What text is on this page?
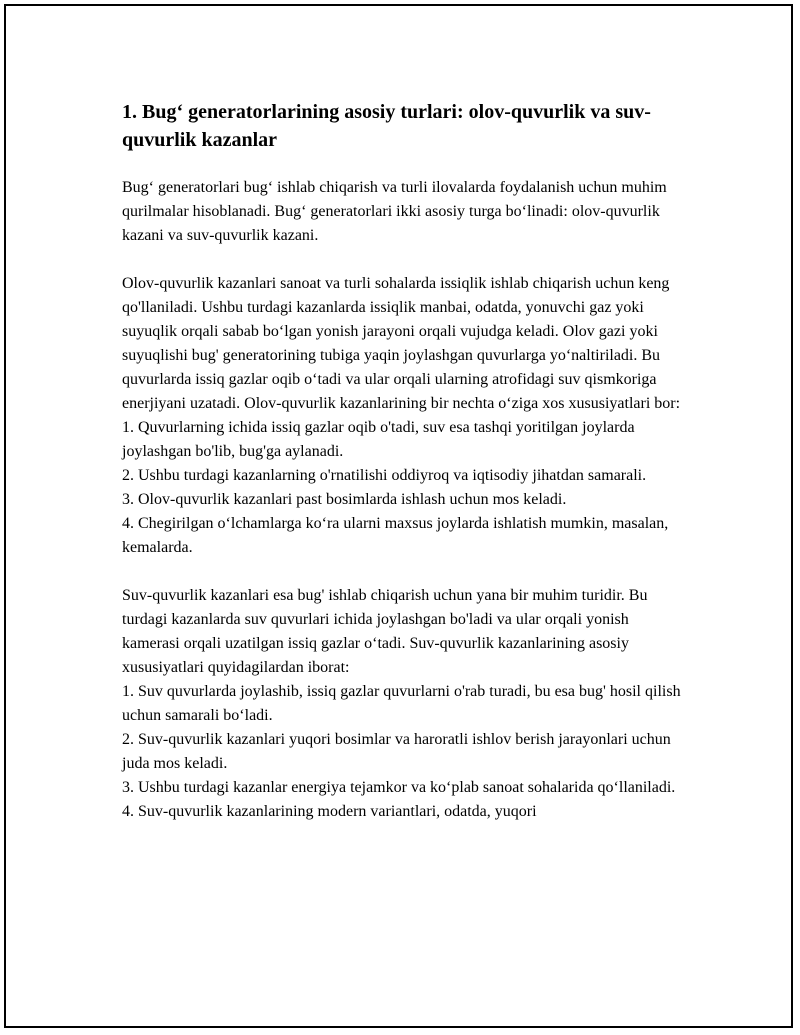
1. Bug‘ generatorlarining asosiy turlari: olov-quvurlik va suv-quvurlik kazanlar

Bug‘ generatorlari bug‘ ishlab chiqarish va turli ilovalarda foydalanish uchun muhim qurilmalar hisoblanadi. Bug‘ generatorlari ikki asosiy turga bo‘linadi: olov-quvurlik kazani va suv-quvurlik kazani.

Olov-quvurlik kazanlari sanoat va turli sohalarda issiqlik ishlab chiqarish uchun keng qo'llaniladi. Ushbu turdagi kazanlarda issiqlik manbai, odatda, yonuvchi gaz yoki suyuqlik orqali sabab bo‘lgan yonish jarayoni orqali vujudga keladi. Olov gazi yoki suyuqlishi bug' generatorining tubiga yaqin joylashgan quvurlarga yo‘naltiriladi. Bu quvurlarda issiq gazlar oqib o‘tadi va ular orqali ularning atrofidagi suv qismkoriga enerjiyani uzatadi. Olov-quvurlik kazanlarining bir nechta o‘ziga xos xususiyatlari bor:

1. Quvurlarning ichida issiq gazlar oqib o'tadi, suv esa tashqi yoritilgan joylarda joylashgan bo'lib, bug'ga aylanadi.

2. Ushbu turdagi kazanlarning o'rnatilishi oddiyroq va iqtisodiy jihatdan samarali.

3. Olov-quvurlik kazanlari past bosimlarda ishlash uchun mos keladi.

4. Chegirilgan o‘lchamlarga ko‘ra ularni maxsus joylarda ishlatish mumkin, masalan, kemalarda.

Suv-quvurlik kazanlari esa bug' ishlab chiqarish uchun yana bir muhim turidir. Bu turdagi kazanlarda suv quvurlari ichida joylashgan bo'ladi va ular orqali yonish kamerasi orqali uzatilgan issiq gazlar o‘tadi. Suv-quvurlik kazanlarining asosiy xususiyatlari quyidagilardan iborat:

1. Suv quvurlarda joylashib, issiq gazlar quvurlarni o'rab turadi, bu esa bug' hosil qilish uchun samarali bo‘ladi.

2. Suv-quvurlik kazanlari yuqori bosimlar va haroratli ishlov berish jarayonlari uchun juda mos keladi.

3. Ushbu turdagi kazanlar energiya tejamkor va ko‘plab sanoat sohalarida qo‘llaniladi.

4. Suv-quvurlik kazanlarining modern variantlari, odatda, yuqori
